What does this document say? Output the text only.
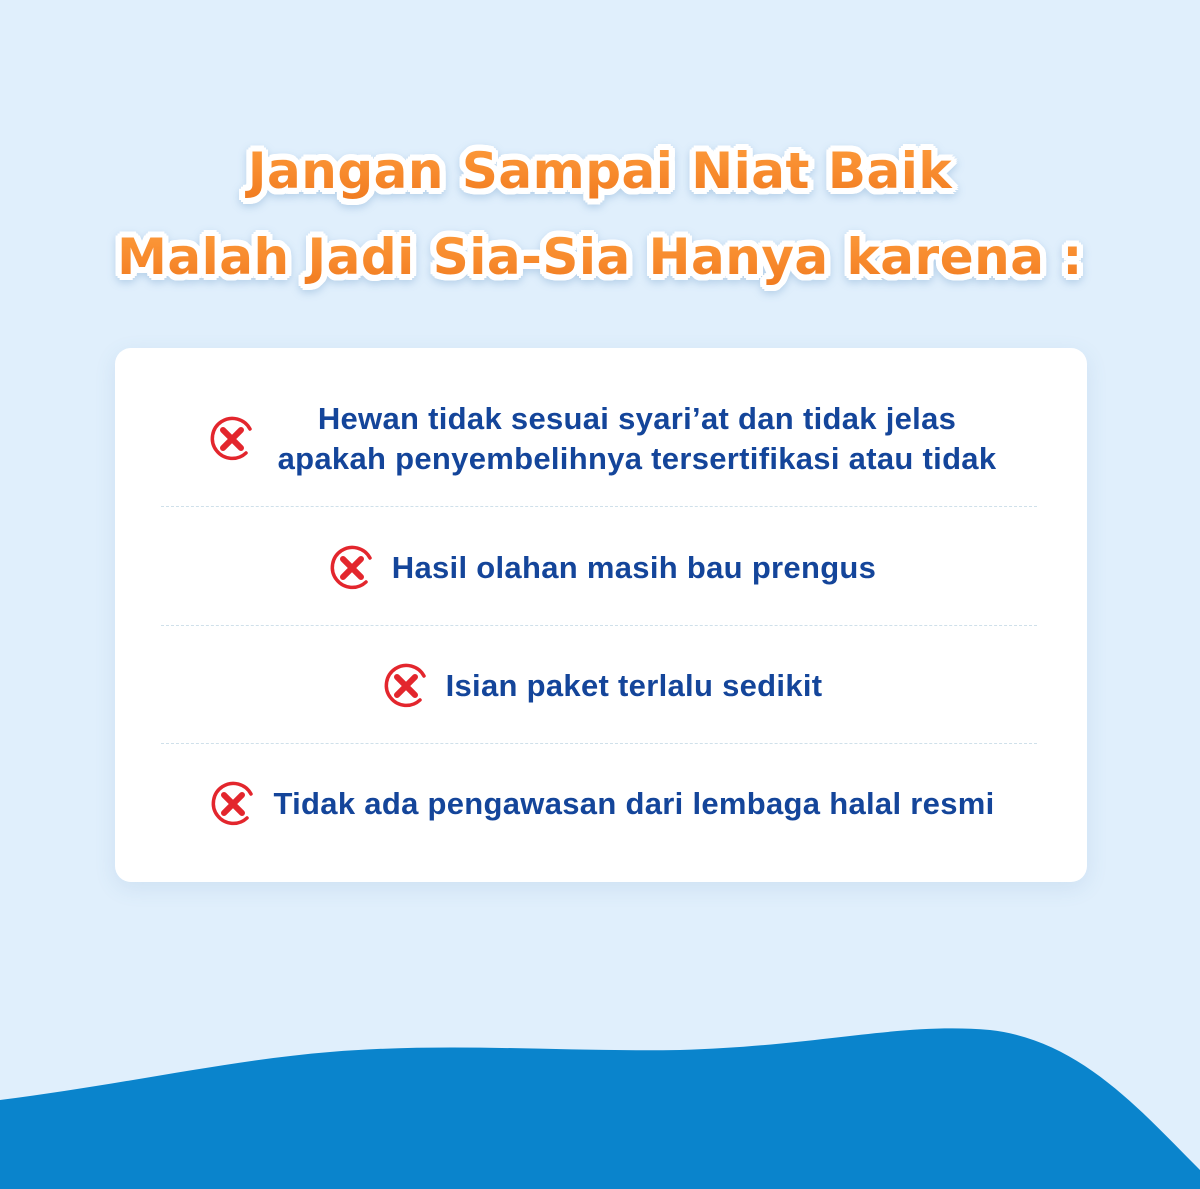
Jangan Sampai Niat Baik
Malah Jadi Sia-Sia Hanya karena :
Hewan tidak sesuai syari’at dan tidak jelas
apakah penyembelihnya tersertifikasi atau tidak
Hasil olahan masih bau prengus
Isian paket terlalu sedikit
Tidak ada pengawasan dari lembaga halal resmi
